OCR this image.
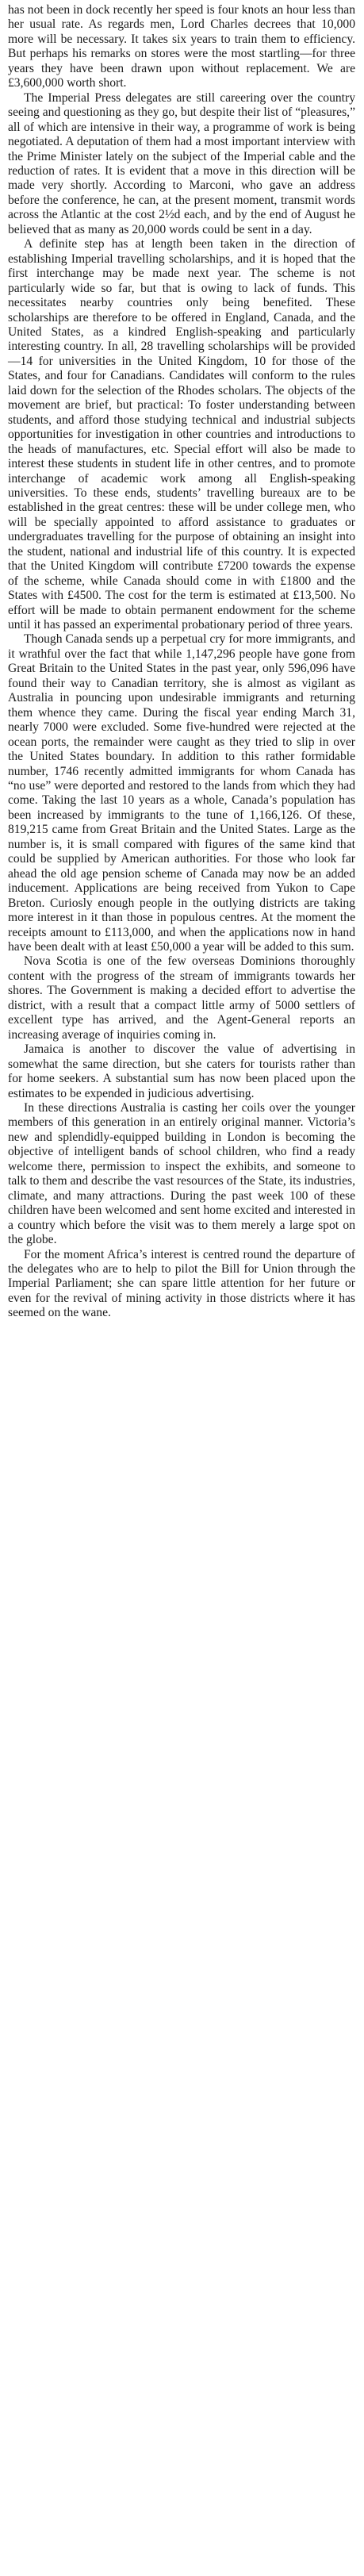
has not been in dock recently her speed is four knots an hour less than her usual rate. As regards men, Lord Charles decrees that 10,000 more will be necessary. It takes six years to train them to efficiency. But perhaps his remarks on stores were the most startling—for three years they have been drawn upon without replacement. We are £3,600,000 worth short.

The Imperial Press delegates are still careering over the country seeing and questioning as they go, but despite their list of “pleasures,” all of which are intensive in their way, a programme of work is being negotiated. A deputation of them had a most important interview with the Prime Minister lately on the subject of the Imperial cable and the reduction of rates. It is evident that a move in this direction will be made very shortly. According to Marconi, who gave an address before the conference, he can, at the present moment, transmit words across the Atlantic at the cost 2½d each, and by the end of August he believed that as many as 20,000 words could be sent in a day.

A definite step has at length been taken in the direction of establishing Imperial travelling scholarships, and it is hoped that the first interchange may be made next year. The scheme is not particularly wide so far, but that is owing to lack of funds. This necessitates nearby countries only being benefited. These scholarships are therefore to be offered in England, Canada, and the United States, as a kindred English-speaking and particularly interesting country. In all, 28 travelling scholarships will be provided—14 for universities in the United Kingdom, 10 for those of the States, and four for Canadians. Candidates will conform to the rules laid down for the selection of the Rhodes scholars. The objects of the movement are brief, but practical: To foster understanding between students, and afford those studying technical and industrial subjects opportunities for investigation in other countries and introductions to the heads of manufactures, etc. Special effort will also be made to interest these students in student life in other centres, and to promote interchange of academic work among all English-speaking universities. To these ends, students’ travelling bureaux are to be established in the great centres: these will be under college men, who will be specially appointed to afford assistance to graduates or undergraduates travelling for the purpose of obtaining an insight into the student, national and industrial life of this country. It is expected that the United Kingdom will contribute £7200 towards the expense of the scheme, while Canada should come in with £1800 and the States with £4500. The cost for the term is estimated at £13,500. No effort will be made to obtain permanent endowment for the scheme until it has passed an experimental probationary period of three years.

Though Canada sends up a perpetual cry for more immigrants, and it wrathful over the fact that while 1,147,296 people have gone from Great Britain to the United States in the past year, only 596,096 have found their way to Canadian territory, she is almost as vigilant as Australia in pouncing upon undesirable immigrants and returning them whence they came. During the fiscal year ending March 31, nearly 7000 were excluded. Some five-hundred were rejected at the ocean ports, the remainder were caught as they tried to slip in over the United States boundary. In addition to this rather formidable number, 1746 recently admitted immigrants for whom Canada has “no use” were deported and restored to the lands from which they had come. Taking the last 10 years as a whole, Canada’s population has been increased by immigrants to the tune of 1,166,126. Of these, 819,215 came from Great Britain and the United States. Large as the number is, it is small compared with figures of the same kind that could be supplied by American authorities. For those who look far ahead the old age pension scheme of Canada may now be an added inducement. Applications are being received from Yukon to Cape Breton. Curiosly enough people in the outlying districts are taking more interest in it than those in populous centres. At the moment the receipts amount to £113,000, and when the applications now in hand have been dealt with at least £50,000 a year will be added to this sum.

Nova Scotia is one of the few overseas Dominions thoroughly content with the progress of the stream of immigrants towards her shores. The Government is making a decided effort to advertise the district, with a result that a compact little army of 5000 settlers of excellent type has arrived, and the Agent-General reports an increasing average of inquiries coming in.

Jamaica is another to discover the value of advertising in somewhat the same direction, but she caters for tourists rather than for home seekers. A substantial sum has now been placed upon the estimates to be expended in judicious advertising.

In these directions Australia is casting her coils over the younger members of this generation in an entirely original manner. Victoria’s new and splendidly-equipped building in London is becoming the objective of intelligent bands of school children, who find a ready welcome there, permission to inspect the exhibits, and someone to talk to them and describe the vast resources of the State, its industries, climate, and many attractions. During the past week 100 of these children have been welcomed and sent home excited and interested in a country which before the visit was to them merely a large spot on the globe.

For the moment Africa’s interest is centred round the departure of the delegates who are to help to pilot the Bill for Union through the Imperial Parliament; she can spare little attention for her future or even for the revival of mining activity in those districts where it has seemed on the wane.
